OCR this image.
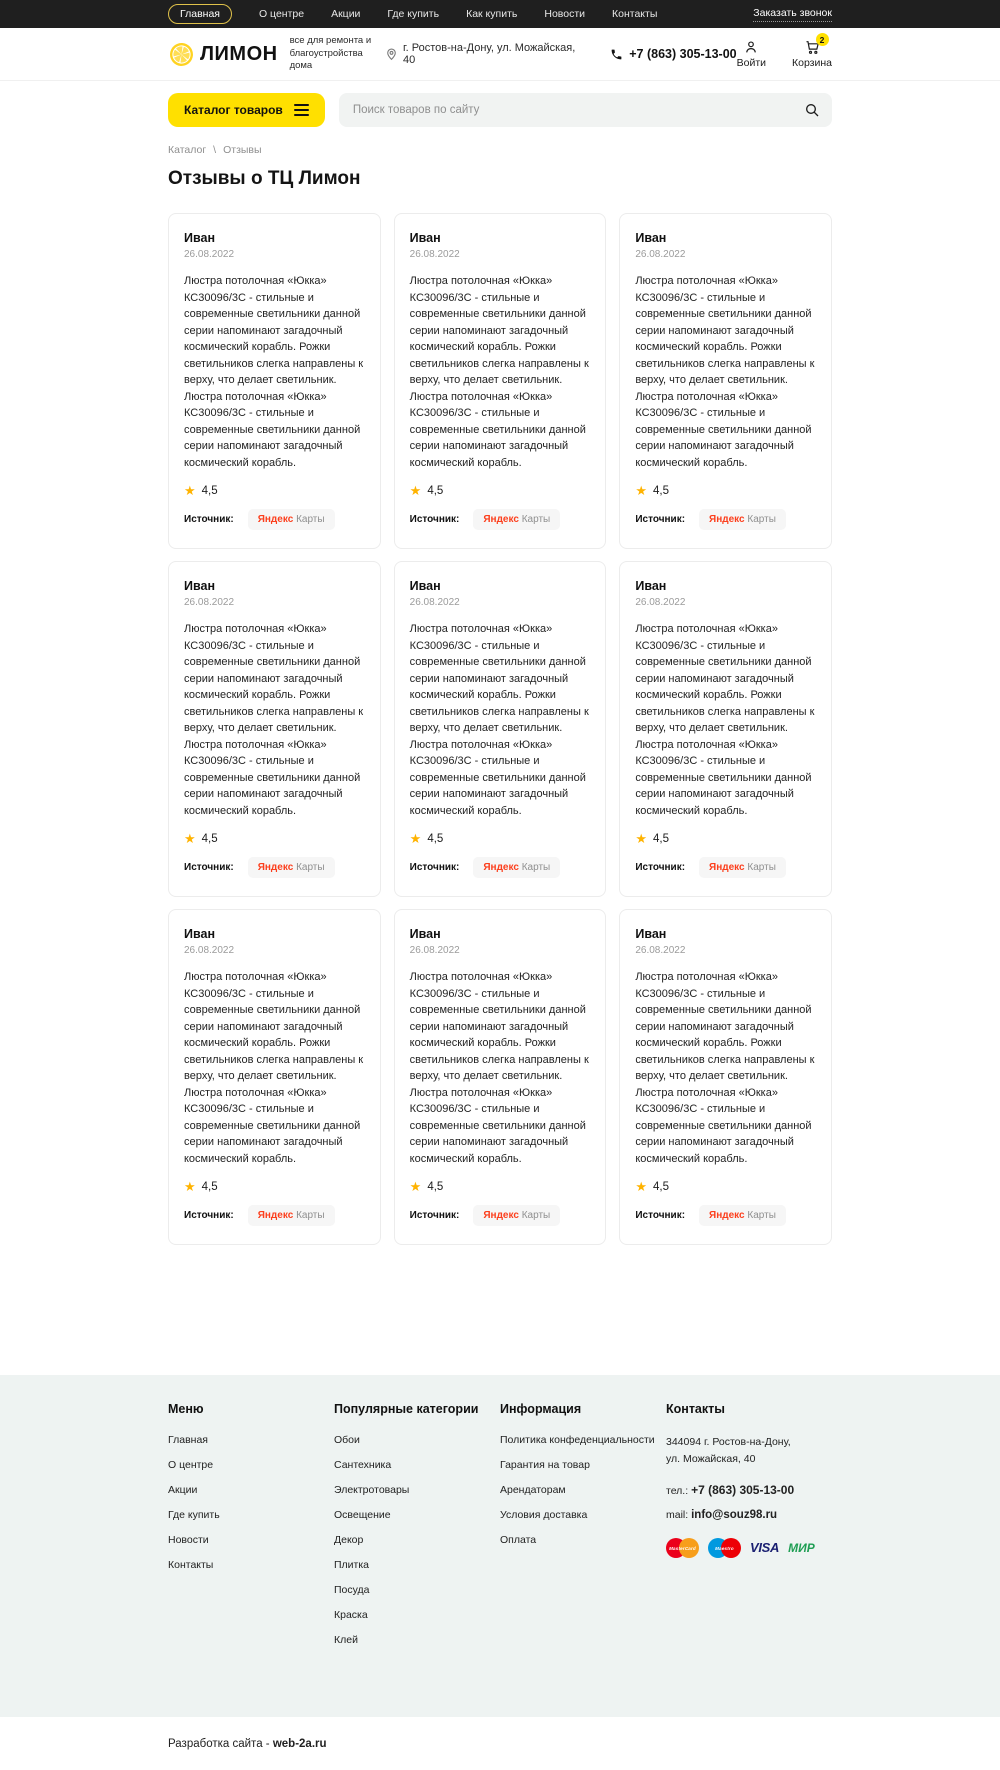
Главная	О центре	Акции	Где купить	Как купить	Новости	Контакты	Заказать звонок
ЛИМОН
все для ремонта и
благоустройства дома
г. Ростов-на-Дону, ул. Можайская, 40	+7 (863) 305-13-00
Войти
2
Корзина
Каталог товаров
Поиск товаров по сайту
Каталог \ Отзывы
Отзывы о ТЦ Лимон
Иван
26.08.2022

Люстра потолочная «Юкка» КС30096/3С - стильные и современные светильники данной серии напоминают загадочный космический корабль. Рожки светильников слегка направлены к верху, что делает светильник. Люстра потолочная «Юкка» КС30096/3С - стильные и современные светильники данной серии напоминают загадочный космический корабль.

★ 4,5
Источник:	Яндекс Карты
Иван
26.08.2022

Люстра потолочная «Юкка» КС30096/3С - стильные и современные светильники данной серии напоминают загадочный космический корабль. Рожки светильников слегка направлены к верху, что делает светильник. Люстра потолочная «Юкка» КС30096/3С - стильные и современные светильники данной серии напоминают загадочный космический корабль.

★ 4,5
Источник:	Яндекс Карты
Иван
26.08.2022

Люстра потолочная «Юкка» КС30096/3С - стильные и современные светильники данной серии напоминают загадочный космический корабль. Рожки светильников слегка направлены к верху, что делает светильник. Люстра потолочная «Юкка» КС30096/3С - стильные и современные светильники данной серии напоминают загадочный космический корабль.

★ 4,5
Источник:	Яндекс Карты
Иван
26.08.2022

Люстра потолочная «Юкка» КС30096/3С - стильные и современные светильники данной серии напоминают загадочный космический корабль. Рожки светильников слегка направлены к верху, что делает светильник. Люстра потолочная «Юкка» КС30096/3С - стильные и современные светильники данной серии напоминают загадочный космический корабль.

★ 4,5
Источник:	Яндекс Карты
Иван
26.08.2022

Люстра потолочная «Юкка» КС30096/3С - стильные и современные светильники данной серии напоминают загадочный космический корабль. Рожки светильников слегка направлены к верху, что делает светильник. Люстра потолочная «Юкка» КС30096/3С - стильные и современные светильники данной серии напоминают загадочный космический корабль.

★ 4,5
Источник:	Яндекс Карты
Иван
26.08.2022

Люстра потолочная «Юкка» КС30096/3С - стильные и современные светильники данной серии напоминают загадочный космический корабль. Рожки светильников слегка направлены к верху, что делает светильник. Люстра потолочная «Юкка» КС30096/3С - стильные и современные светильники данной серии напоминают загадочный космический корабль.

★ 4,5
Источник:	Яндекс Карты
Иван
26.08.2022

Люстра потолочная «Юкка» КС30096/3С - стильные и современные светильники данной серии напоминают загадочный космический корабль. Рожки светильников слегка направлены к верху, что делает светильник. Люстра потолочная «Юкка» КС30096/3С - стильные и современные светильники данной серии напоминают загадочный космический корабль.

★ 4,5
Источник:	Яндекс Карты
Иван
26.08.2022

Люстра потолочная «Юкка» КС30096/3С - стильные и современные светильники данной серии напоминают загадочный космический корабль. Рожки светильников слегка направлены к верху, что делает светильник. Люстра потолочная «Юкка» КС30096/3С - стильные и современные светильники данной серии напоминают загадочный космический корабль.

★ 4,5
Источник:	Яндекс Карты
Иван
26.08.2022

Люстра потолочная «Юкка» КС30096/3С - стильные и современные светильники данной серии напоминают загадочный космический корабль. Рожки светильников слегка направлены к верху, что делает светильник. Люстра потолочная «Юкка» КС30096/3С - стильные и современные светильники данной серии напоминают загадочный космический корабль.

★ 4,5
Источник:	Яндекс Карты
Меню
Главная
О центре
Акции
Где купить
Новости
Контакты
Популярные категории
Обои
Сантехника
Электротовары
Освещение
Декор
Плитка
Посуда
Краска
Клей
Информация
Политика конфеденциальности
Гарантия на товар
Арендаторам
Условия доставка
Оплата
Контакты
344094 г. Ростов-на-Дону,
ул. Можайская, 40
тел.: +7 (863) 305-13-00
mail: info@souz98.ru
MasterCard	Maestro	VISA МИР
Разработка сайта - web-2a.ru
